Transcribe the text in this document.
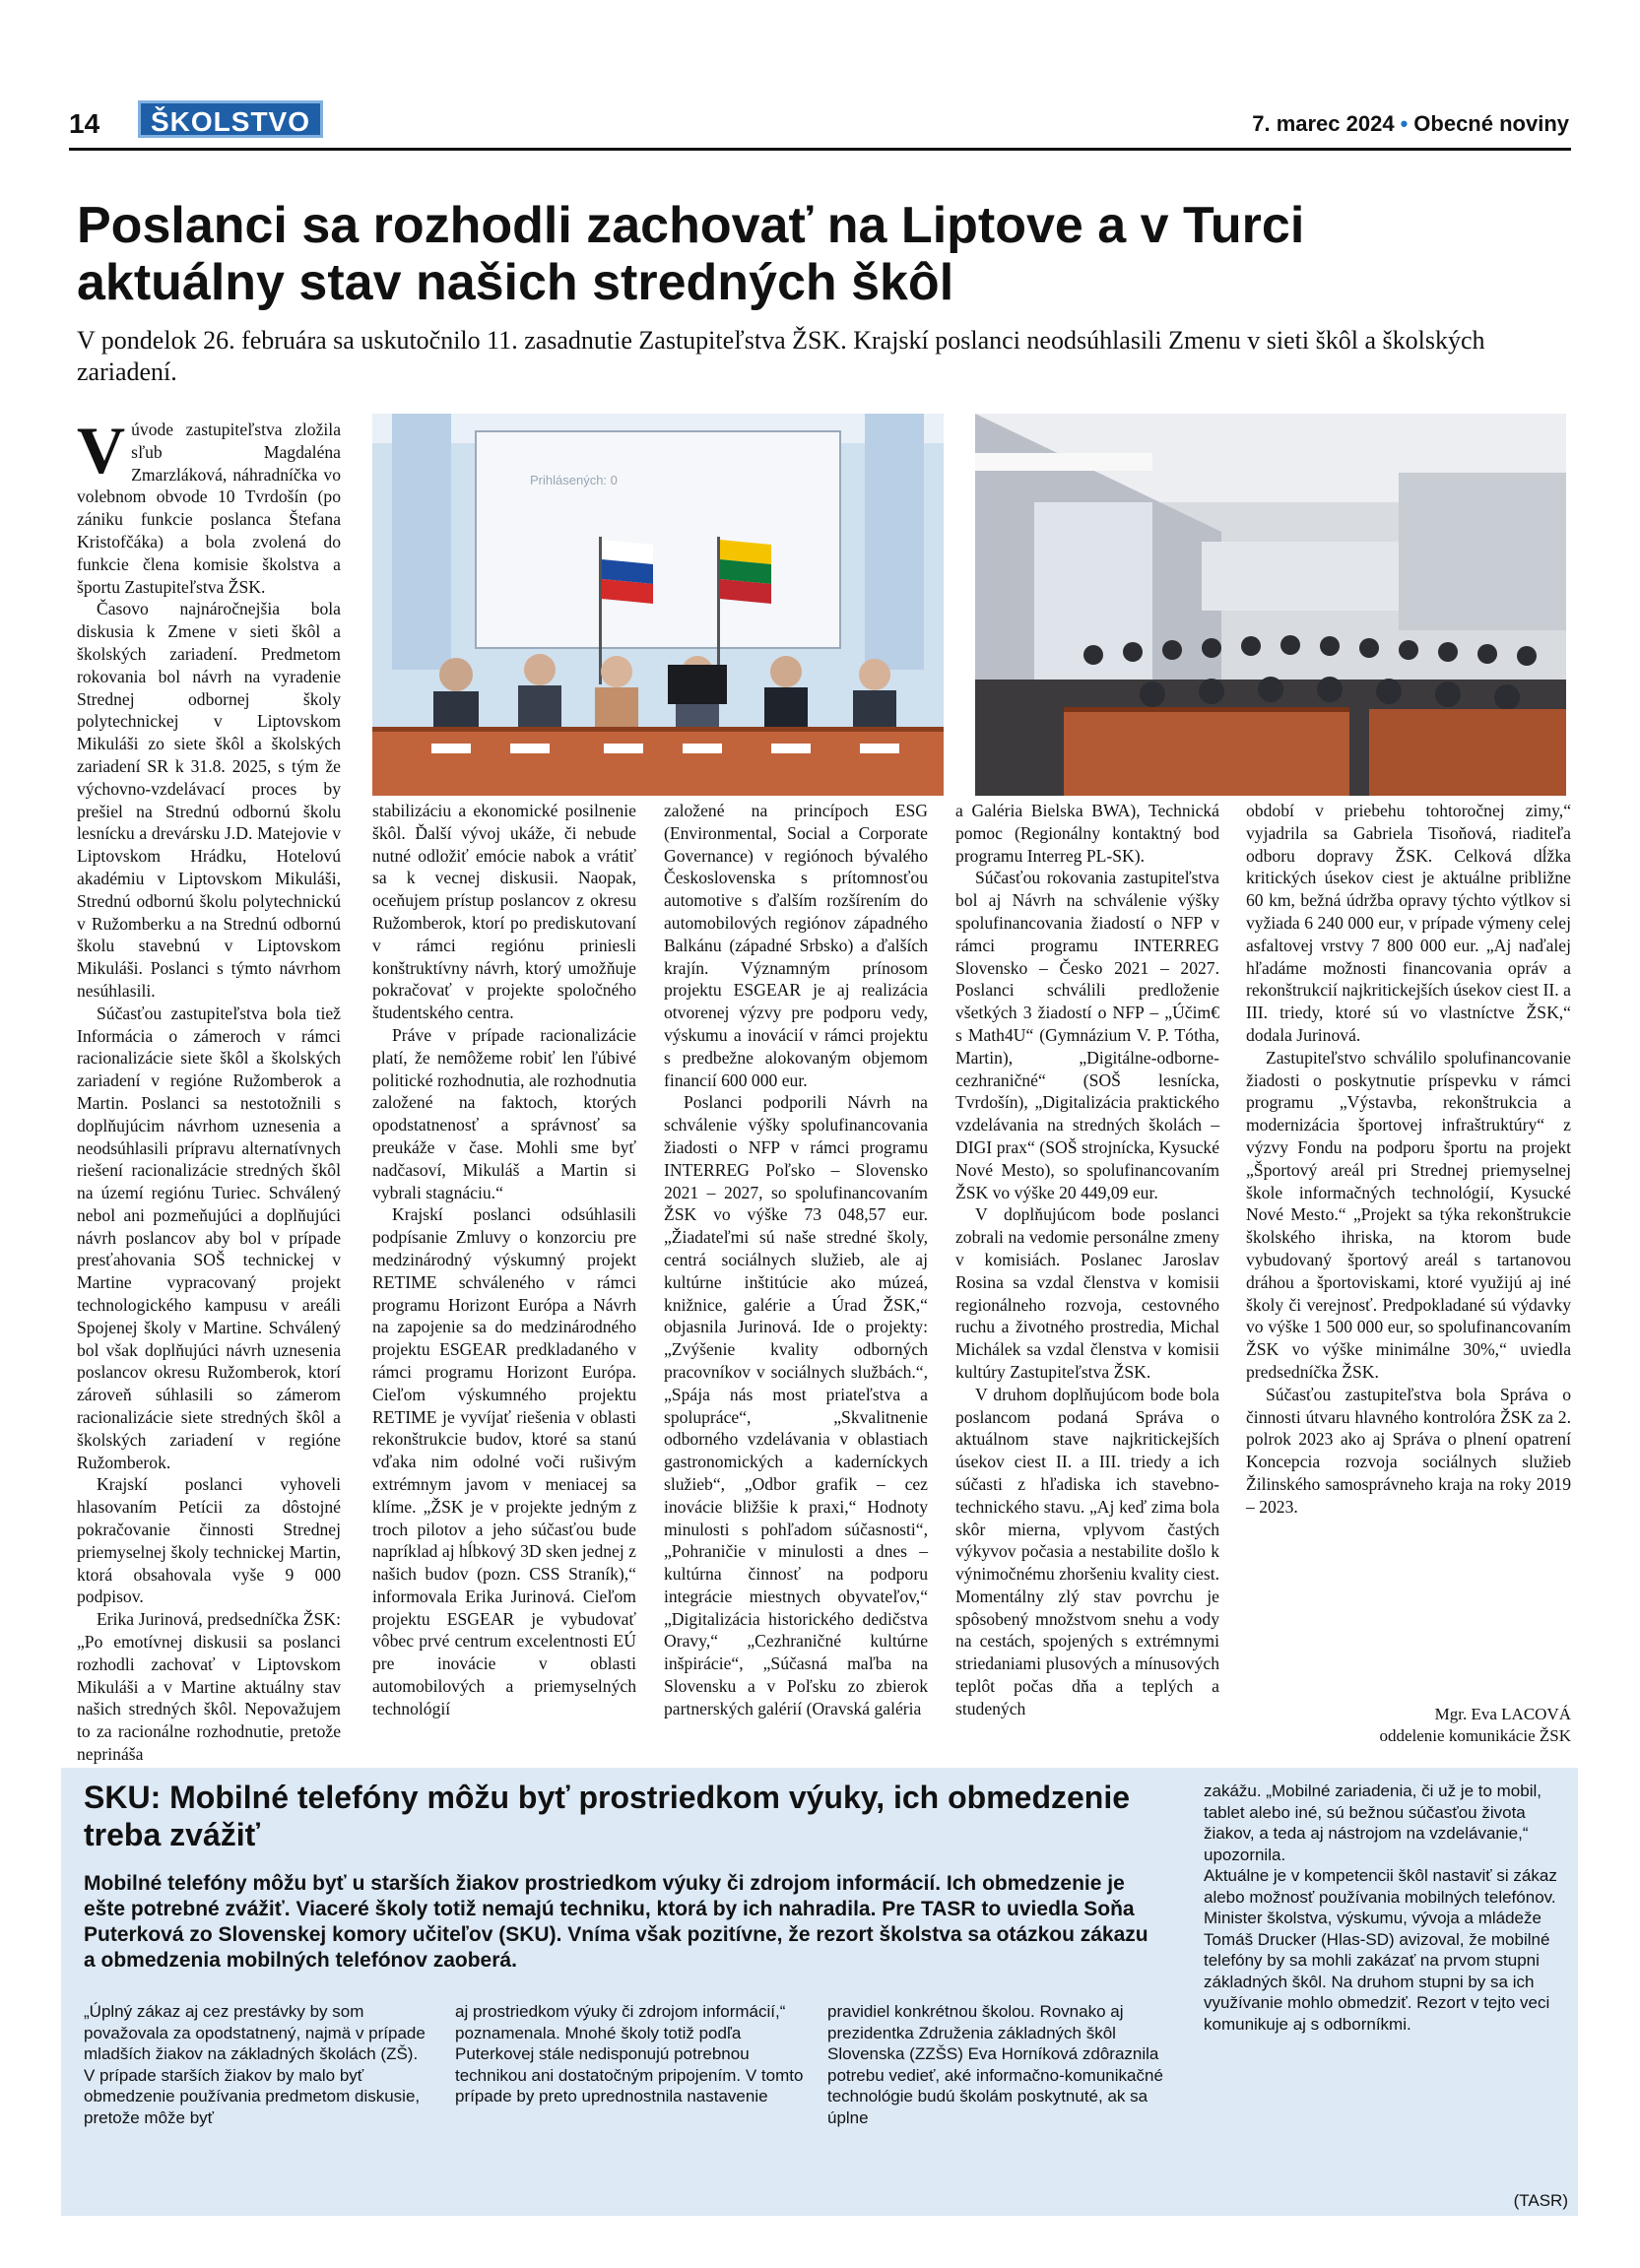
14	ŠKOLSTVO	7. marec 2024 • Obecné noviny
Poslanci sa rozhodli zachovať na Liptove a v Turci
aktuálny stav našich stredných škôl
V pondelok 26. februára sa uskutočnilo 11. zasadnutie Zastupiteľstva ŽSK. Krajskí poslanci neodsúhlasili Zmenu v sieti škôl a školských zariadení.

Vúvode zastupiteľstva zložila sľub Magdaléna Zmarzláková, náhradníčka vo volebnom obvode 10 Tvrdošín (po zániku funkcie poslanca Štefana Kristofčáka) a bola zvolená do funkcie člena komisie školstva a športu Zastupiteľstva ŽSK.

Časovo najnáročnejšia bola diskusia k Zmene v sieti škôl a školských zariadení. Predmetom rokovania bol návrh na vyradenie Strednej odbornej školy polytechnickej v Liptovskom Mikuláši zo siete škôl a školských zariadení SR k 31.8. 2025, s tým že výchovno-vzdelávací proces by prešiel na Strednú odbornú školu lesnícku a drevársku J.D. Matejovie v Liptovskom Hrádku, Hotelovú akadémiu v Liptovskom Mikuláši, Strednú odbornú školu polytechnickú v Ružomberku a na Strednú odbornú školu stavebnú v Liptovskom Mikuláši. Poslanci s týmto návrhom nesúhlasili.

Súčasťou zastupiteľstva bola tiež Informácia o zámeroch v rámci racionalizácie siete škôl a školských zariadení v regióne Ružomberok a Martin. Poslanci sa nestotožnili s doplňujúcim návrhom uznesenia a neodsúhlasili prípravu alternatívnych riešení racionalizácie stredných škôl na území regiónu Turiec. Schválený nebol ani pozmeňujúci a doplňujúci návrh poslancov aby bol v prípade presťahovania SOŠ technickej v Martine vypracovaný projekt technologického kampusu v areáli Spojenej školy v Martine. Schválený bol však doplňujúci návrh uznesenia poslancov okresu Ružomberok, ktorí zároveň súhlasili so zámerom racionalizácie siete stredných škôl a školských zariadení v regióne Ružomberok.

Krajskí poslanci vyhoveli hlasovaním Petícii za dôstojné pokračovanie činnosti Strednej priemyselnej školy technickej Martin, ktorá obsahovala vyše 9 000 podpisov.

Erika Jurinová, predsedníčka ŽSK: „Po emotívnej diskusii sa poslanci rozhodli zachovať v Liptovskom Mikuláši a v Martine aktuálny stav našich stredných škôl. Nepovažujem to za racionálne rozhodnutie, pretože neprináša

Prihlásených: 0

stabilizáciu a ekonomické posilnenie škôl. Ďalší vývoj ukáže, či nebude nutné odložiť emócie nabok a vrátiť sa k vecnej diskusii. Naopak, oceňujem prístup poslancov z okresu Ružomberok, ktorí po prediskutovaní v rámci regiónu priniesli konštruktívny návrh, ktorý umožňuje pokračovať v projekte spoločného študentského centra.

Práve v prípade racionalizácie platí, že nemôžeme robiť len ľúbivé politické rozhodnutia, ale rozhodnutia založené na faktoch, ktorých opodstatnenosť a správnosť sa preukáže v čase. Mohli sme byť nadčasoví, Mikuláš a Martin si vybrali stagnáciu.“

Krajskí poslanci odsúhlasili podpísanie Zmluvy o konzorciu pre medzinárodný výskumný projekt RETIME schváleného v rámci programu Horizont Európa a Návrh na zapojenie sa do medzinárodného projektu ESGEAR predkladaného v rámci programu Horizont Európa. Cieľom výskumného projektu RETIME je vyvíjať riešenia v oblasti rekonštrukcie budov, ktoré sa stanú vďaka nim odolné voči rušivým extrémnym javom v meniacej sa klíme. „ŽSK je v projekte jedným z troch pilotov a jeho súčasťou bude napríklad aj hĺbkový 3D sken jednej z našich budov (pozn. CSS Straník),“ informovala Erika Jurinová. Cieľom projektu ESGEAR je vybudovať vôbec prvé centrum excelentnosti EÚ pre inovácie v oblasti automobilových a priemyselných technológií

založené na princípoch ESG (Environmental, Social a Corporate Governance) v regiónoch bývalého Československa s prítomnosťou automotive s ďalším rozšírením do automobilových regiónov západného Balkánu (západné Srbsko) a ďalších krajín. Významným prínosom projektu ESGEAR je aj realizácia otvorenej výzvy pre podporu vedy, výskumu a inovácií v rámci projektu s predbežne alokovaným objemom financií 600 000 eur.

Poslanci podporili Návrh na schválenie výšky spolufinancovania žiadosti o NFP v rámci programu INTERREG Poľsko – Slovensko 2021 – 2027, so spolufinancovaním ŽSK vo výške 73 048,57 eur. „Žiadateľmi sú naše stredné školy, centrá sociálnych služieb, ale aj kultúrne inštitúcie ako múzeá, knižnice, galérie a Úrad ŽSK,“ objasnila Jurinová. Ide o projekty: „Zvýšenie kvality odborných pracovníkov v sociálnych službách.“, „Spája nás most priateľstva a spolupráce“, „Skvalitnenie odborného vzdelávania v oblastiach gastronomických a kaderníckych služieb“, „Odbor grafik – cez inovácie bližšie k praxi,“ Hodnoty minulosti s pohľadom súčasnosti“, „Pohraničie v minulosti a dnes – kultúrna činnosť na podporu integrácie miestnych obyvateľov,“ „Digitalizácia historického dedičstva Oravy,“ „Cezhraničné kultúrne inšpirácie“, „Súčasná maľba na Slovensku a v Poľsku zo zbierok partnerských galérií (Oravská galéria

a Galéria Bielska BWA), Technická pomoc (Regionálny kontaktný bod programu Interreg PL-SK).

Súčasťou rokovania zastupiteľstva bol aj Návrh na schválenie výšky spolufinancovania žiadostí o NFP v rámci programu INTERREG Slovensko – Česko 2021 – 2027. Poslanci schválili predloženie všetkých 3 žiadostí o NFP – „Účim€ s Math4U“ (Gymnázium V. P. Tótha, Martin), „Digitálne-odborne-cezhraničné“ (SOŠ lesnícka, Tvrdošín), „Digitalizácia praktického vzdelávania na stredných školách – DIGI prax“ (SOŠ strojnícka, Kysucké Nové Mesto), so spolufinancovaním ŽSK vo výške 20 449,09 eur.

V doplňujúcom bode poslanci zobrali na vedomie personálne zmeny v komisiách. Poslanec Jaroslav Rosina sa vzdal členstva v komisii regionálneho rozvoja, cestovného ruchu a životného prostredia, Michal Michálek sa vzdal členstva v komisii kultúry Zastupiteľstva ŽSK.

V druhom doplňujúcom bode bola poslancom podaná Správa o aktuálnom stave najkritickejších úsekov ciest II. a III. triedy a ich súčasti z hľadiska ich stavebno-technického stavu. „Aj keď zima bola skôr mierna, vplyvom častých výkyvov počasia a nestabilite došlo k výnimočnému zhoršeniu kvality ciest. Momentálny zlý stav povrchu je spôsobený množstvom snehu a vody na cestách, spojených s extrémnymi striedaniami plusových a mínusových teplôt počas dňa a teplých a studených

období v priebehu tohtoročnej zimy,“ vyjadrila sa Gabriela Tisoňová, riaditeľa odboru dopravy ŽSK. Celková dĺžka kritických úsekov ciest je aktuálne približne 60 km, bežná údržba opravy týchto výtlkov si vyžiada 6 240 000 eur, v prípade výmeny celej asfaltovej vrstvy 7 800 000 eur. „Aj naďalej hľadáme možnosti financovania opráv a rekonštrukcií najkritickejších úsekov ciest II. a III. triedy, ktoré sú vo vlastníctve ŽSK,“ dodala Jurinová.

Zastupiteľstvo schválilo spolufinancovanie žiadosti o poskytnutie príspevku v rámci programu „Výstavba, rekonštrukcia a modernizácia športovej infraštruktúry“ z výzvy Fondu na podporu športu na projekt „Športový areál pri Strednej priemyselnej škole informačných technológií, Kysucké Nové Mesto.“ „Projekt sa týka rekonštrukcie školského ihriska, na ktorom bude vybudovaný športový areál s tartanovou dráhou a športoviskami, ktoré využijú aj iné školy či verejnosť. Predpokladané sú výdavky vo výške 1 500 000 eur, so spolufinancovaním ŽSK vo výške minimálne 30%,“ uviedla predsedníčka ŽSK.

Súčasťou zastupiteľstva bola Správa o činnosti útvaru hlavného kontrolóra ŽSK za 2. polrok 2023 ako aj Správa o plnení opatrení Koncepcia rozvoja sociálnych služieb Žilinského samosprávneho kraja na roky 2019 – 2023.

Mgr. Eva LACOVÁ
oddelenie komunikácie ŽSK
SKU: Mobilné telefóny môžu byť prostriedkom výuky, ich obmedzenie treba zvážiť
Mobilné telefóny môžu byť u starších žiakov prostriedkom výuky či zdrojom informácií. Ich obmedzenie je ešte potrebné zvážiť. Viaceré školy totiž nemajú techniku, ktorá by ich nahradila. Pre TASR to uviedla Soňa Puterková zo Slovenskej komory učiteľov (SKU). Vníma však pozitívne, že rezort školstva sa otázkou zákazu a obmedzenia mobilných telefónov zaoberá.

„Úplný zákaz aj cez prestávky by som považovala za opodstatnený, najmä v prípade mladších žiakov na základných školách (ZŠ). V prípade starších žiakov by malo byť obmedzenie používania predmetom diskusie, pretože môže byť

aj prostriedkom výuky či zdrojom informácií,“ poznamenala. Mnohé školy totiž podľa Puterkovej stále nedisponujú potrebnou technikou ani dostatočným pripojením. V tomto prípade by preto uprednostnila nastavenie

pravidiel konkrétnou školou. Rovnako aj prezidentka Združenia základných škôl Slovenska (ZZŠS) Eva Horníková zdôraznila potrebu vedieť, aké informačno-komunikačné technológie budú školám poskytnuté, ak sa úplne

zakážu. „Mobilné zariadenia, či už je to mobil, tablet alebo iné, sú bežnou súčasťou života žiakov, a teda aj nástrojom na vzdelávanie,“ upozornila.

Aktuálne je v kompetencii škôl nastaviť si zákaz alebo možnosť používania mobilných telefónov. Minister školstva, výskumu, vývoja a mládeže Tomáš Drucker (Hlas-SD) avizoval, že mobilné telefóny by sa mohli zakázať na prvom stupni základných škôl. Na druhom stupni by sa ich využívanie mohlo obmedziť. Rezort v tejto veci komunikuje aj s odborníkmi.

(TASR)
